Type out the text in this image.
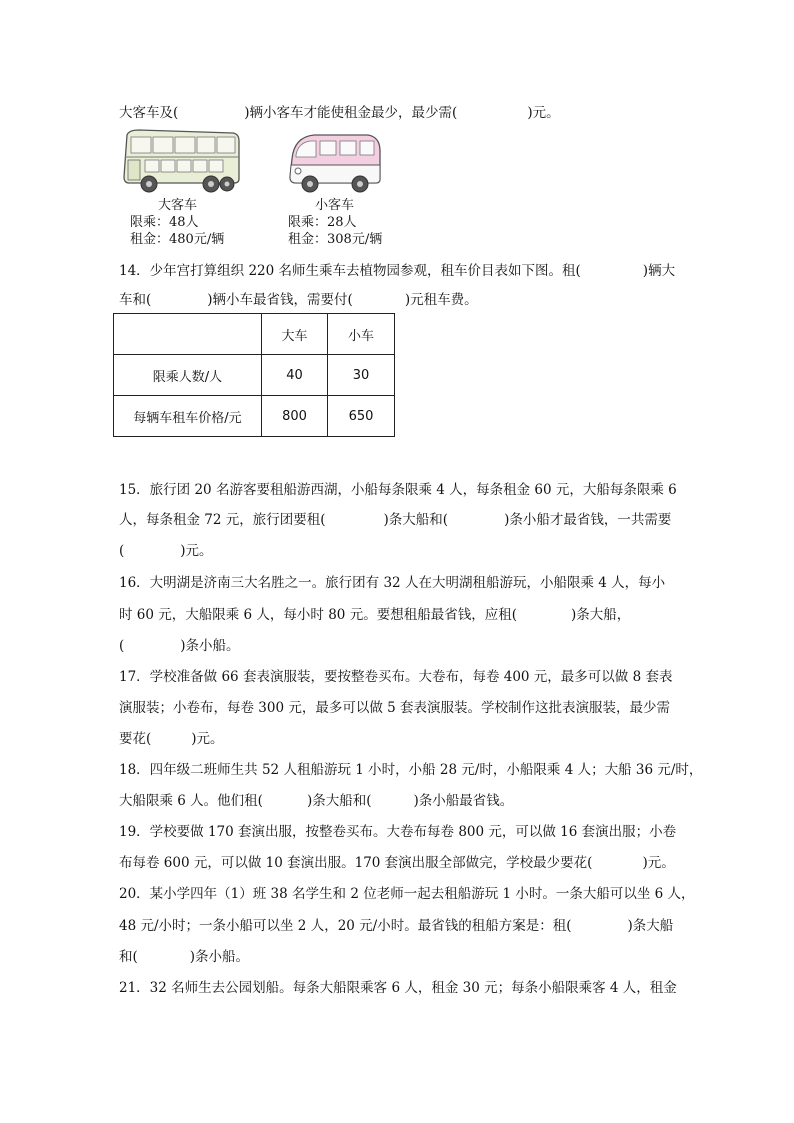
大客车及(	)辆小客车才能使租金最少，最少需(	)元。
大客车
限乘：48人
租金：480元/辆
小客车
限乘：28人
租金：308元/辆
14．少年宫打算组织 220 名师生乘车去植物园参观，租车价目表如下图。租(	)辆大
车和(	)辆小车最省钱，需要付(	)元租车费。
	大车	小车
限乘人数/人	40	30
每辆车租车价格/元	800	650
15．旅行团 20 名游客要租船游西湖，小船每条限乘 4 人，每条租金 60 元，大船每条限乘 6
人，每条租金 72 元，旅行团要租(	)条大船和(	)条小船才最省钱，一共需要
(	)元。
16．大明湖是济南三大名胜之一。旅行团有 32 人在大明湖租船游玩，小船限乘 4 人，每小
时 60 元，大船限乘 6 人，每小时 80 元。要想租船最省钱，应租(	)条大船，
(	)条小船。
17．学校准备做 66 套表演服装，要按整卷买布。大卷布，每卷 400 元，最多可以做 8 套表
演服装；小卷布，每卷 300 元，最多可以做 5 套表演服装。学校制作这批表演服装，最少需
要花(	)元。
18．四年级二班师生共 52 人租船游玩 1 小时，小船 28 元/时，小船限乘 4 人；大船 36 元/时，
大船限乘 6 人。他们租(	)条大船和(	)条小船最省钱。
19．学校要做 170 套演出服，按整卷买布。大卷布每卷 800 元，可以做 16 套演出服；小卷
布每卷 600 元，可以做 10 套演出服。170 套演出服全部做完，学校最少要花(	)元。
20．某小学四年（1）班 38 名学生和 2 位老师一起去租船游玩 1 小时。一条大船可以坐 6 人，
48 元/小时；一条小船可以坐 2 人，20 元/小时。最省钱的租船方案是：租(	)条大船
和(	)条小船。
21．32 名师生去公园划船。每条大船限乘客 6 人，租金 30 元；每条小船限乘客 4 人，租金
